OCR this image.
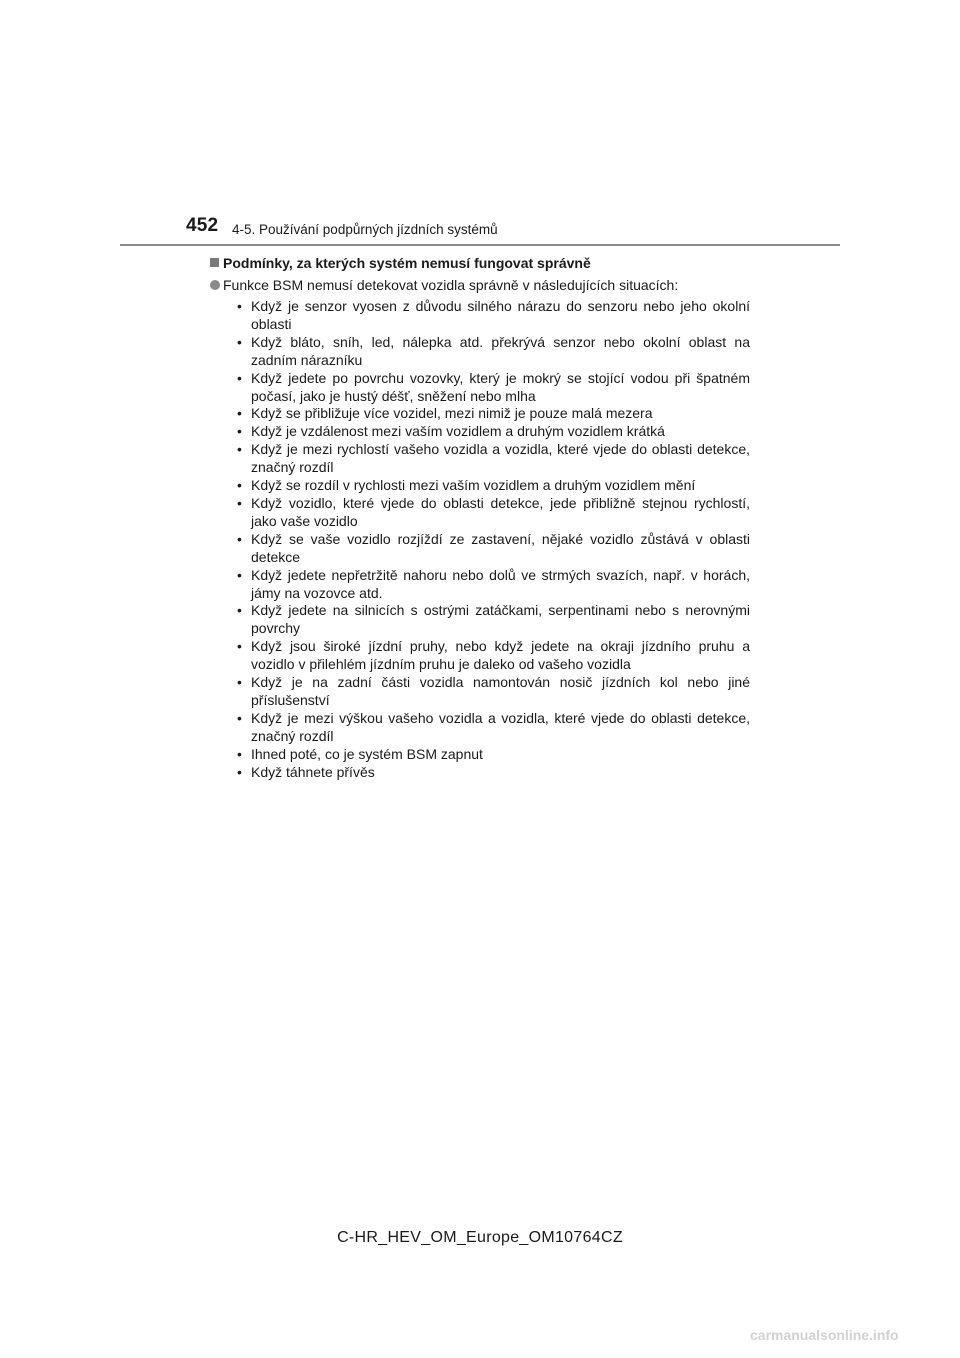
452 4-5. Používání podpůrných jízdních systémů
Podmínky, za kterých systém nemusí fungovat správně
Funkce BSM nemusí detekovat vozidla správně v následujících situacích:
• Když je senzor vyosen z důvodu silného nárazu do senzoru nebo jeho okolní oblasti
• Když bláto, sníh, led, nálepka atd. překrývá senzor nebo okolní oblast na zadním nárazníku
• Když jedete po povrchu vozovky, který je mokrý se stojící vodou při špatném počasí, jako je hustý déšť, sněžení nebo mlha
• Když se přibližuje více vozidel, mezi nimiž je pouze malá mezera
• Když je vzdálenost mezi vaším vozidlem a druhým vozidlem krátká
• Když je mezi rychlostí vašeho vozidla a vozidla, které vjede do oblasti detekce, značný rozdíl
• Když se rozdíl v rychlosti mezi vaším vozidlem a druhým vozidlem mění
• Když vozidlo, které vjede do oblasti detekce, jede přibližně stejnou rychlostí, jako vaše vozidlo
• Když se vaše vozidlo rozjíždí ze zastavení, nějaké vozidlo zůstává v oblasti detekce
• Když jedete nepřetržitě nahoru nebo dolů ve strmých svazích, např. v horách, jámy na vozovce atd.
• Když jedete na silnicích s ostrými zatáčkami, serpentinami nebo s nerovnými povrchy
• Když jsou široké jízdní pruhy, nebo když jedete na okraji jízdního pruhu a vozidlo v přilehlém jízdním pruhu je daleko od vašeho vozidla
• Když je na zadní části vozidla namontován nosič jízdních kol nebo jiné příslušenství
• Když je mezi výškou vašeho vozidla a vozidla, které vjede do oblasti detekce, značný rozdíl
• Ihned poté, co je systém BSM zapnut
• Když táhnete přívěs
C-HR_HEV_OM_Europe_OM10764CZ
carmanualsonline.info
